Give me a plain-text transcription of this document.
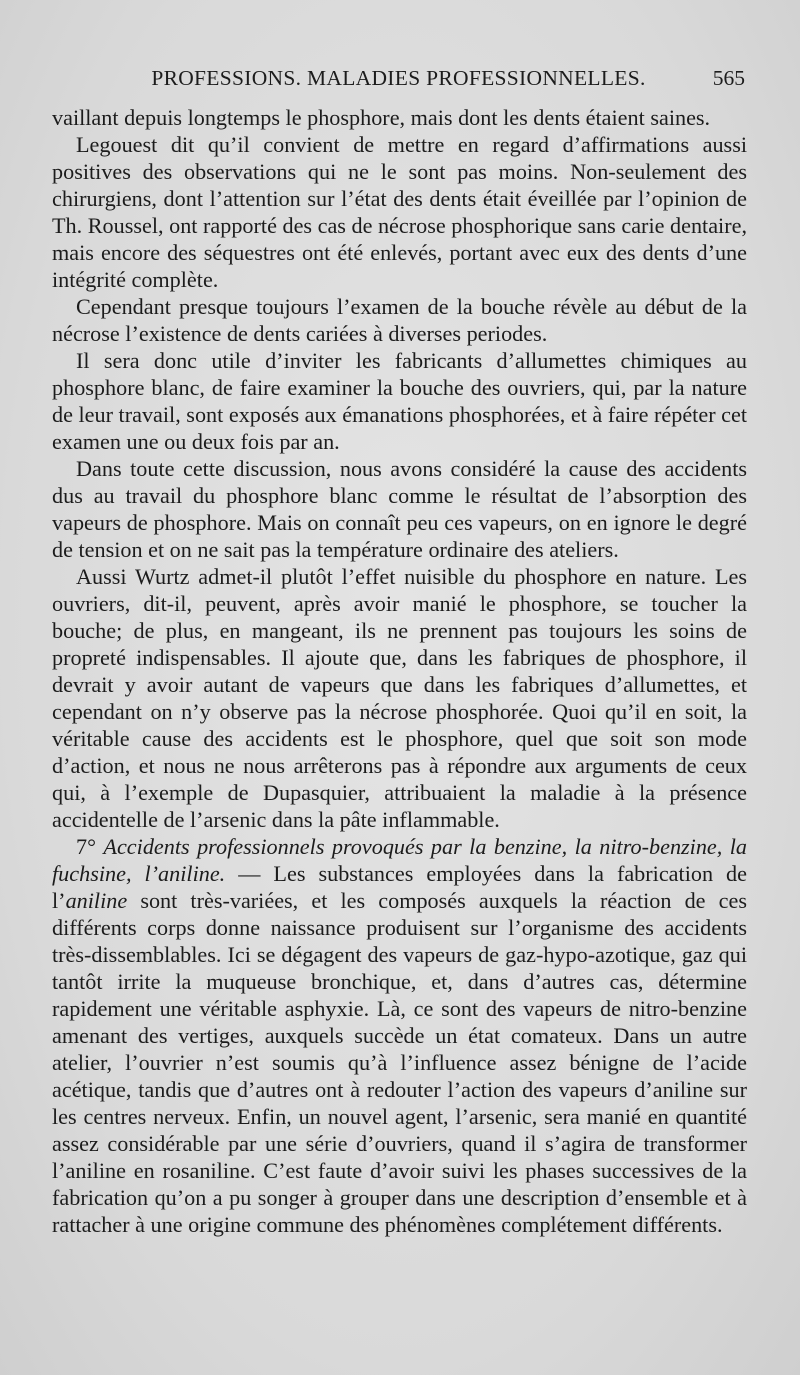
PROFESSIONS. MALADIES PROFESSIONNELLES.	565

vaillant depuis longtemps le phosphore, mais dont les dents étaient saines.

Legouest dit qu’il convient de mettre en regard d’affirmations aussi positives des observations qui ne le sont pas moins. Non-seulement des chirurgiens, dont l’attention sur l’état des dents était éveillée par l’opinion de Th. Roussel, ont rapporté des cas de nécrose phosphorique sans carie dentaire, mais encore des séquestres ont été enlevés, portant avec eux des dents d’une intégrité complète.

Cependant presque toujours l’examen de la bouche révèle au début de la nécrose l’existence de dents cariées à diverses periodes.

Il sera donc utile d’inviter les fabricants d’allumettes chimiques au phosphore blanc, de faire examiner la bouche des ouvriers, qui, par la nature de leur travail, sont exposés aux émanations phosphorées, et à faire répéter cet examen une ou deux fois par an.

Dans toute cette discussion, nous avons considéré la cause des accidents dus au travail du phosphore blanc comme le résultat de l’absorption des vapeurs de phosphore. Mais on connaît peu ces vapeurs, on en ignore le degré de tension et on ne sait pas la température ordinaire des ateliers.

Aussi Wurtz admet-il plutôt l’effet nuisible du phosphore en nature. Les ouvriers, dit-il, peuvent, après avoir manié le phosphore, se toucher la bouche; de plus, en mangeant, ils ne prennent pas toujours les soins de propreté indispensables. Il ajoute que, dans les fabriques de phosphore, il devrait y avoir autant de vapeurs que dans les fabriques d’allumettes, et cependant on n’y observe pas la nécrose phosphorée. Quoi qu’il en soit, la véritable cause des accidents est le phosphore, quel que soit son mode d’action, et nous ne nous arrêterons pas à répondre aux arguments de ceux qui, à l’exemple de Dupasquier, attribuaient la maladie à la présence accidentelle de l’arsenic dans la pâte inflammable.

7° Accidents professionnels provoqués par la benzine, la nitro-benzine, la fuchsine, l’aniline. — Les substances employées dans la fabrication de l’aniline sont très-variées, et les composés auxquels la réaction de ces différents corps donne naissance produisent sur l’organisme des accidents très-dissemblables. Ici se dégagent des vapeurs de gaz-hypo-azotique, gaz qui tantôt irrite la muqueuse bronchique, et, dans d’autres cas, détermine rapidement une véritable asphyxie. Là, ce sont des vapeurs de nitro-benzine amenant des vertiges, auxquels succède un état comateux. Dans un autre atelier, l’ouvrier n’est soumis qu’à l’influence assez bénigne de l’acide acétique, tandis que d’autres ont à redouter l’action des vapeurs d’aniline sur les centres nerveux. Enfin, un nouvel agent, l’arsenic, sera manié en quantité assez considérable par une série d’ouvriers, quand il s’agira de transformer l’aniline en rosaniline. C’est faute d’avoir suivi les phases successives de la fabrication qu’on a pu songer à grouper dans une description d’ensemble et à rattacher à une origine commune des phénomènes complétement différents.
